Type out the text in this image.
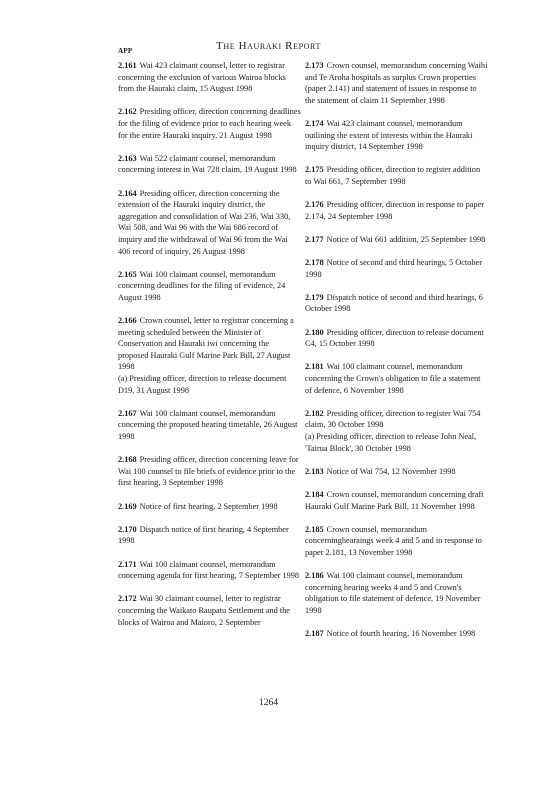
The Hauraki Report
APP
2.161 Wai 423 claimant counsel, letter to registrar concerning the exclusion of various Wairoa blocks from the Hauraki claim, 15 August 1998
2.162 Presiding officer, direction concerning deadlines for the filing of evidence prior to each hearing week for the entire Hauraki inquiry, 21 August 1998
2.163 Wai 522 claimant counsel, memorandum concerning interest in Wai 728 claim, 19 August 1998
2.164 Presiding officer, direction concerning the extension of the Hauraki inquiry district, the aggregation and consolidation of Wai 236, Wai 330, Wai 508, and Wai 96 with the Wai 686 record of inquiry and the withdrawal of Wai 96 from the Wai 406 record of inquiry, 26 August 1998
2.165 Wai 100 claimant counsel, memorandum concerning deadlines for the filing of evidence, 24 August 1998
2.166 Crown counsel, letter to registrar concerning a meeting scheduled between the Minister of Conservation and Hauraki iwi concerning the proposed Hauraki Gulf Marine Park Bill, 27 August 1998
(a) Presiding officer, direction to release document D19, 31 August 1998
2.167 Wai 100 claimant counsel, memorandum concerning the proposed hearing timetable, 26 August 1998
2.168 Presiding officer, direction concerning leave for Wai 100 counsel to file briefs of evidence prior to the first hearing, 3 September 1998
2.169 Notice of first hearing, 2 September 1998
2.170 Dispatch notice of first hearing, 4 September 1998
2.171 Wai 100 claimant counsel, memorandum concerning agenda for first hearing, 7 September 1998
2.172 Wai 30 claimant counsel, letter to registrar concerning the Waikato Raupatu Settlement and the blocks of Wairoa and Maioro, 2 September
2.173 Crown counsel, memorandum concerning Waihi and Te Aroha hospitals as surplus Crown properties (paper 2.141) and statement of issues in response to the statement of claim 11 September 1998
2.174 Wai 423 claimant counsel, memorandum outlining the extent of interests within the Hauraki inquiry district, 14 September 1998
2.175 Presiding officer, direction to register addition to Wai 661, 7 September 1998
2.176 Presiding officer, direction in response to paper 2.174, 24 September 1998
2.177 Notice of Wai 661 addition, 25 September 1998
2.178 Notice of second and third hearings, 5 October 1998
2.179 Dispatch notice of second and third hearings, 6 October 1998
2.180 Presiding officer, direction to release document C4, 15 October 1998
2.181 Wai 100 claimant counsel, memorandum concerning the Crown's obligation to file a statement of defence, 6 November 1998
2.182 Presiding officer, direction to register Wai 754 claim, 30 October 1998
(a) Presiding officer, direction to release John Neal, 'Tairua Block', 30 October 1998
2.183 Notice of Wai 754, 12 November 1998
2.184 Crown counsel, memorandum concerning draft Hauraki Gulf Marine Park Bill, 11 November 1998
2.185 Crown counsel, memorandum concerninghearaings week 4 and 5 and in response to paper 2.181, 13 November 1998
2.186 Wai 100 claimant counsel, memorandum concerning hearing weeks 4 and 5 and Crown's obligation to file statement of defence, 19 November 1998
2.187 Notice of fourth hearing, 16 November 1998
1264
